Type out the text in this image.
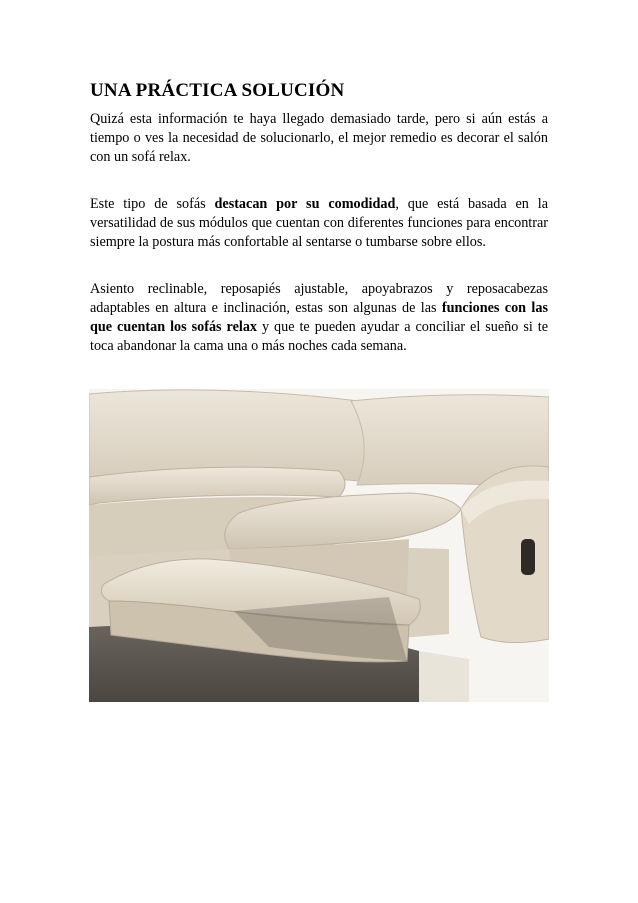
UNA PRÁCTICA SOLUCIÓN

Quizá esta información te haya llegado demasiado tarde, pero si aún estás a tiempo o ves la necesidad de solucionarlo, el mejor remedio es decorar el salón con un sofá relax.

Este tipo de sofás destacan por su comodidad, que está basada en la versatilidad de sus módulos que cuentan con diferentes funciones para encontrar siempre la postura más confortable al sentarse o tumbarse sobre ellos.

Asiento reclinable, reposapiés ajustable, apoyabrazos y reposacabezas adaptables en altura e inclinación, estas son algunas de las funciones con las que cuentan los sofás relax y que te pueden ayudar a conciliar el sueño si te toca abandonar la cama una o más noches cada semana.
